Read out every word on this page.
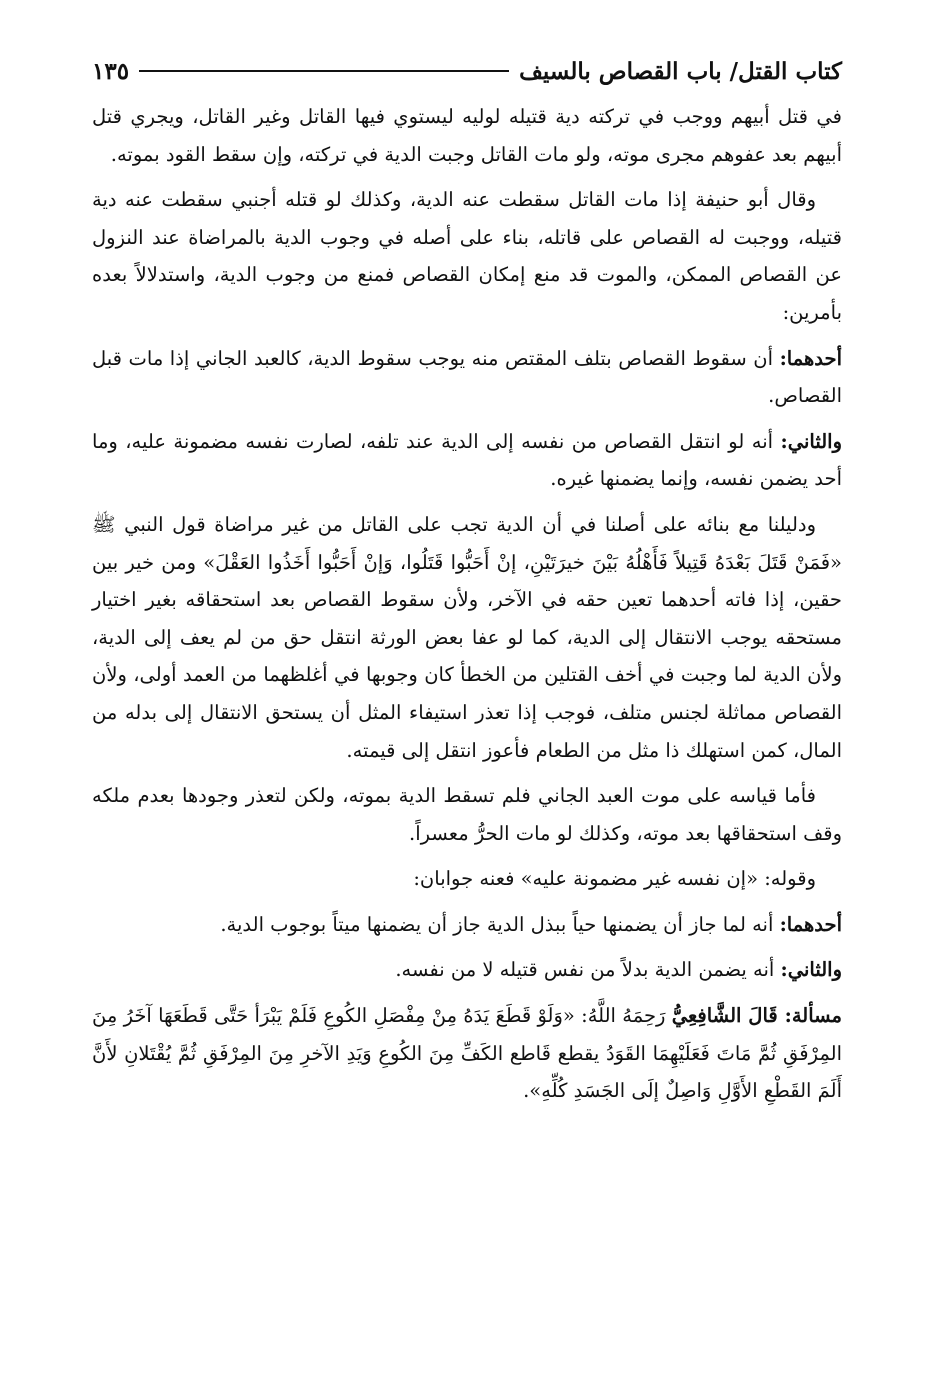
كتاب القتل/ باب القصاص بالسيف
١٣٥

في قتل أبيهم ووجب في تركته دية قتيله لوليه ليستوي فيها القاتل وغير القاتل، ويجري قتل أبيهم بعد عفوهم مجرى موته، ولو مات القاتل وجبت الدية في تركته، وإن سقط القود بموته.

وقال أبو حنيفة إذا مات القاتل سقطت عنه الدية، وكذلك لو قتله أجنبي سقطت عنه دية قتيله، ووجبت له القصاص على قاتله، بناء على أصله في وجوب الدية بالمراضاة عند النزول عن القصاص الممكن، والموت قد منع إمكان القصاص فمنع من وجوب الدية، واستدلالاً بعده بأمرين:

أحدهما: أن سقوط القصاص بتلف المقتص منه يوجب سقوط الدية، كالعبد الجاني إذا مات قبل القصاص.

والثاني: أنه لو انتقل القصاص من نفسه إلى الدية عند تلفه، لصارت نفسه مضمونة عليه، وما أحد يضمن نفسه، وإنما يضمنها غيره.

ودليلنا مع بنائه على أصلنا في أن الدية تجب على القاتل من غير مراضاة قول النبي ﷺ «فَمَنْ قَتَلَ بَعْدَهُ قَتِيلاً فَأَهْلُهُ بَيْنَ خيرَتَيْنِ، إنْ أَحَبُّوا قَتَلُوا، وَإنْ أَحَبُّوا أَخَذُوا العَقْلَ» ومن خير بين حقين، إذا فاته أحدهما تعين حقه في الآخر، ولأن سقوط القصاص بعد استحقاقه بغير اختيار مستحقه يوجب الانتقال إلى الدية، كما لو عفا بعض الورثة انتقل حق من لم يعف إلى الدية، ولأن الدية لما وجبت في أخف القتلين من الخطأ كان وجوبها في أغلظهما من العمد أولى، ولأن القصاص مماثلة لجنس متلف، فوجب إذا تعذر استيفاء المثل أن يستحق الانتقال إلى بدله من المال، كمن استهلك ذا مثل من الطعام فأعوز انتقل إلى قيمته.

فأما قياسه على موت العبد الجاني فلم تسقط الدية بموته، ولكن لتعذر وجودها بعدم ملكه وقف استحقاقها بعد موته، وكذلك لو مات الحرُّ معسراً.

وقوله: «إن نفسه غير مضمونة عليه» فعنه جوابان:

أحدهما: أنه لما جاز أن يضمنها حياً ببذل الدية جاز أن يضمنها ميتاً بوجوب الدية.

والثاني: أنه يضمن الدية بدلاً من نفس قتيله لا من نفسه.

مسألة: قَالَ الشَّافِعِيُّ رَحِمَهُ اللَّهُ: «وَلَوْ قَطَعَ يَدَهُ مِنْ مِفْصَلِ الكُوعِ فَلَمْ يَبْرَأ حَتَّى قَطَعَهَا آخَرُ مِنَ المِرْفَقِ ثُمَّ مَاتَ فَعَلَيْهِمَا القَوَدُ يقطع قَاطع الكَفِّ مِنَ الكُوعِ وَيَدِ الآخرِ مِنَ المِرْفَقِ ثُمَّ يُقْتَلانِ لأَنَّ أَلَمَ القَطْعِ الأَوَّلِ وَاصِلٌ إلَى الجَسَدِ كُلِّهِ».
